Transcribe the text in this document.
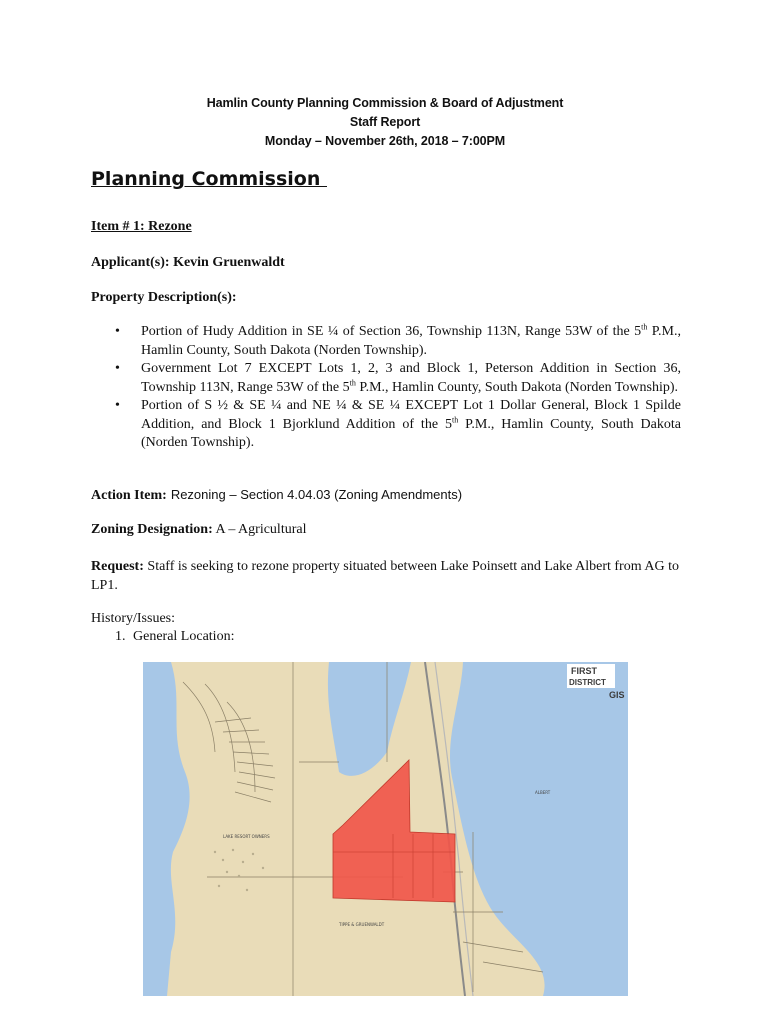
Hamlin County Planning Commission & Board of Adjustment
Staff Report
Monday – November 26th, 2018 – 7:00PM
Planning Commission
Item # 1: Rezone
Applicant(s): Kevin Gruenwaldt
Property Description(s):
• Portion of Hudy Addition in SE ¼ of Section 36, Township 113N, Range 53W of the 5th P.M., Hamlin County, South Dakota (Norden Township).
• Government Lot 7 EXCEPT Lots 1, 2, 3 and Block 1, Peterson Addition in Section 36, Township 113N, Range 53W of the 5th P.M., Hamlin County, South Dakota (Norden Township).
• Portion of S ½ & SE ¼ and NE ¼ & SE ¼ EXCEPT Lot 1 Dollar General, Block 1 Spilde Addition, and Block 1 Bjorklund Addition of the 5th P.M., Hamlin County, South Dakota (Norden Township).
Action Item: Rezoning – Section 4.04.03 (Zoning Amendments)
Zoning Designation: A – Agricultural
Request: Staff is seeking to rezone property situated between Lake Poinsett and Lake Albert from AG to LP1.
History/Issues:
1. General Location:
LAKE RESORT OWNERS
TIPPE & GRUENWALDT
ALBERT
FIRST
DISTRICT
GIS
